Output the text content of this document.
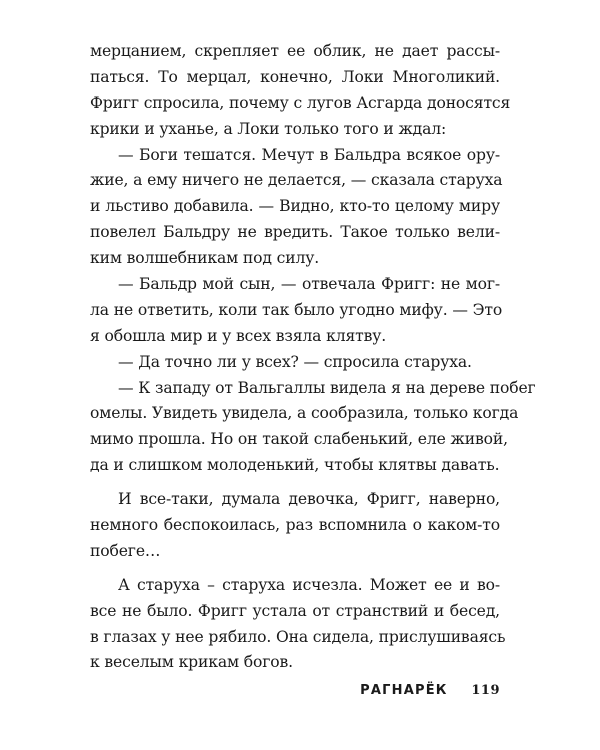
мерцанием, скрепляет ее облик, не дает рассы-
паться. То мерцал, конечно, Локи Многоликий.
Фригг спросила, почему с лугов Асгарда доносятся
крики и уханье, а Локи только того и ждал:
— Боги тешатся. Мечут в Бальдра всякое ору-
жие, а ему ничего не делается, — сказала старуха
и льстиво добавила. — Видно, кто-то целому миру
повелел Бальдру не вредить. Такое только вели-
ким волшебникам под силу.
— Бальдр мой сын, — отвечала Фригг: не мог-
ла не ответить, коли так было угодно мифу. — Это
я обошла мир и у всех взяла клятву.
— Да точно ли у всех? — спросила старуха.
— К западу от Вальгаллы видела я на дереве побег
омелы. Увидеть увидела, а сообразила, только когда
мимо прошла. Но он такой слабенький, еле живой,
да и слишком молоденький, чтобы клятвы давать.
И все-таки, думала девочка, Фригг, наверно,
немного беспокоилась, раз вспомнила о каком-то
побеге…
А старуха – старуха исчезла. Может ее и во-
все не было. Фригг устала от странствий и бесед,
в глазах у нее рябило. Она сидела, прислушиваясь
к веселым крикам богов.
РАГНАРЁК 119
